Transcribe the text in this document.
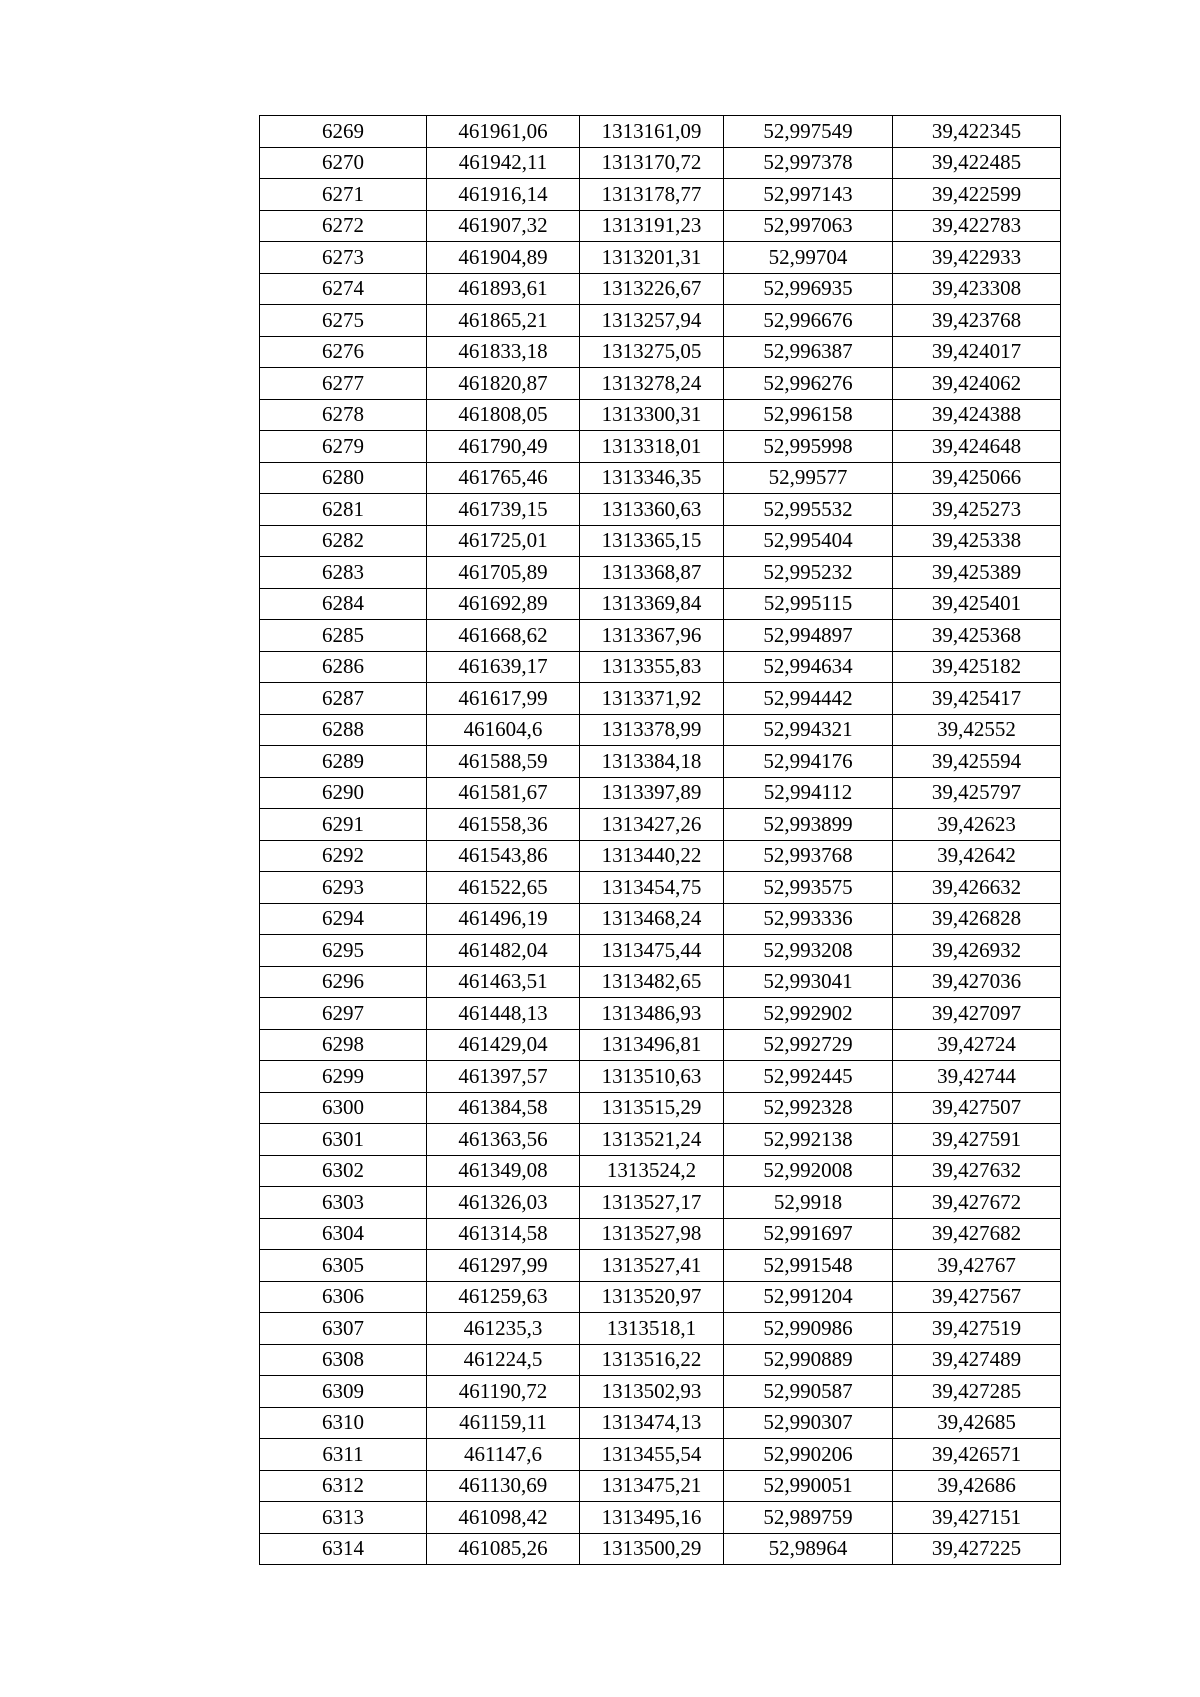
6269	461961,06	1313161,09	52,997549	39,422345
6270	461942,11	1313170,72	52,997378	39,422485
6271	461916,14	1313178,77	52,997143	39,422599
6272	461907,32	1313191,23	52,997063	39,422783
6273	461904,89	1313201,31	52,99704	39,422933
6274	461893,61	1313226,67	52,996935	39,423308
6275	461865,21	1313257,94	52,996676	39,423768
6276	461833,18	1313275,05	52,996387	39,424017
6277	461820,87	1313278,24	52,996276	39,424062
6278	461808,05	1313300,31	52,996158	39,424388
6279	461790,49	1313318,01	52,995998	39,424648
6280	461765,46	1313346,35	52,99577	39,425066
6281	461739,15	1313360,63	52,995532	39,425273
6282	461725,01	1313365,15	52,995404	39,425338
6283	461705,89	1313368,87	52,995232	39,425389
6284	461692,89	1313369,84	52,995115	39,425401
6285	461668,62	1313367,96	52,994897	39,425368
6286	461639,17	1313355,83	52,994634	39,425182
6287	461617,99	1313371,92	52,994442	39,425417
6288	461604,6	1313378,99	52,994321	39,42552
6289	461588,59	1313384,18	52,994176	39,425594
6290	461581,67	1313397,89	52,994112	39,425797
6291	461558,36	1313427,26	52,993899	39,42623
6292	461543,86	1313440,22	52,993768	39,42642
6293	461522,65	1313454,75	52,993575	39,426632
6294	461496,19	1313468,24	52,993336	39,426828
6295	461482,04	1313475,44	52,993208	39,426932
6296	461463,51	1313482,65	52,993041	39,427036
6297	461448,13	1313486,93	52,992902	39,427097
6298	461429,04	1313496,81	52,992729	39,42724
6299	461397,57	1313510,63	52,992445	39,42744
6300	461384,58	1313515,29	52,992328	39,427507
6301	461363,56	1313521,24	52,992138	39,427591
6302	461349,08	1313524,2	52,992008	39,427632
6303	461326,03	1313527,17	52,9918	39,427672
6304	461314,58	1313527,98	52,991697	39,427682
6305	461297,99	1313527,41	52,991548	39,42767
6306	461259,63	1313520,97	52,991204	39,427567
6307	461235,3	1313518,1	52,990986	39,427519
6308	461224,5	1313516,22	52,990889	39,427489
6309	461190,72	1313502,93	52,990587	39,427285
6310	461159,11	1313474,13	52,990307	39,42685
6311	461147,6	1313455,54	52,990206	39,426571
6312	461130,69	1313475,21	52,990051	39,42686
6313	461098,42	1313495,16	52,989759	39,427151
6314	461085,26	1313500,29	52,98964	39,427225
